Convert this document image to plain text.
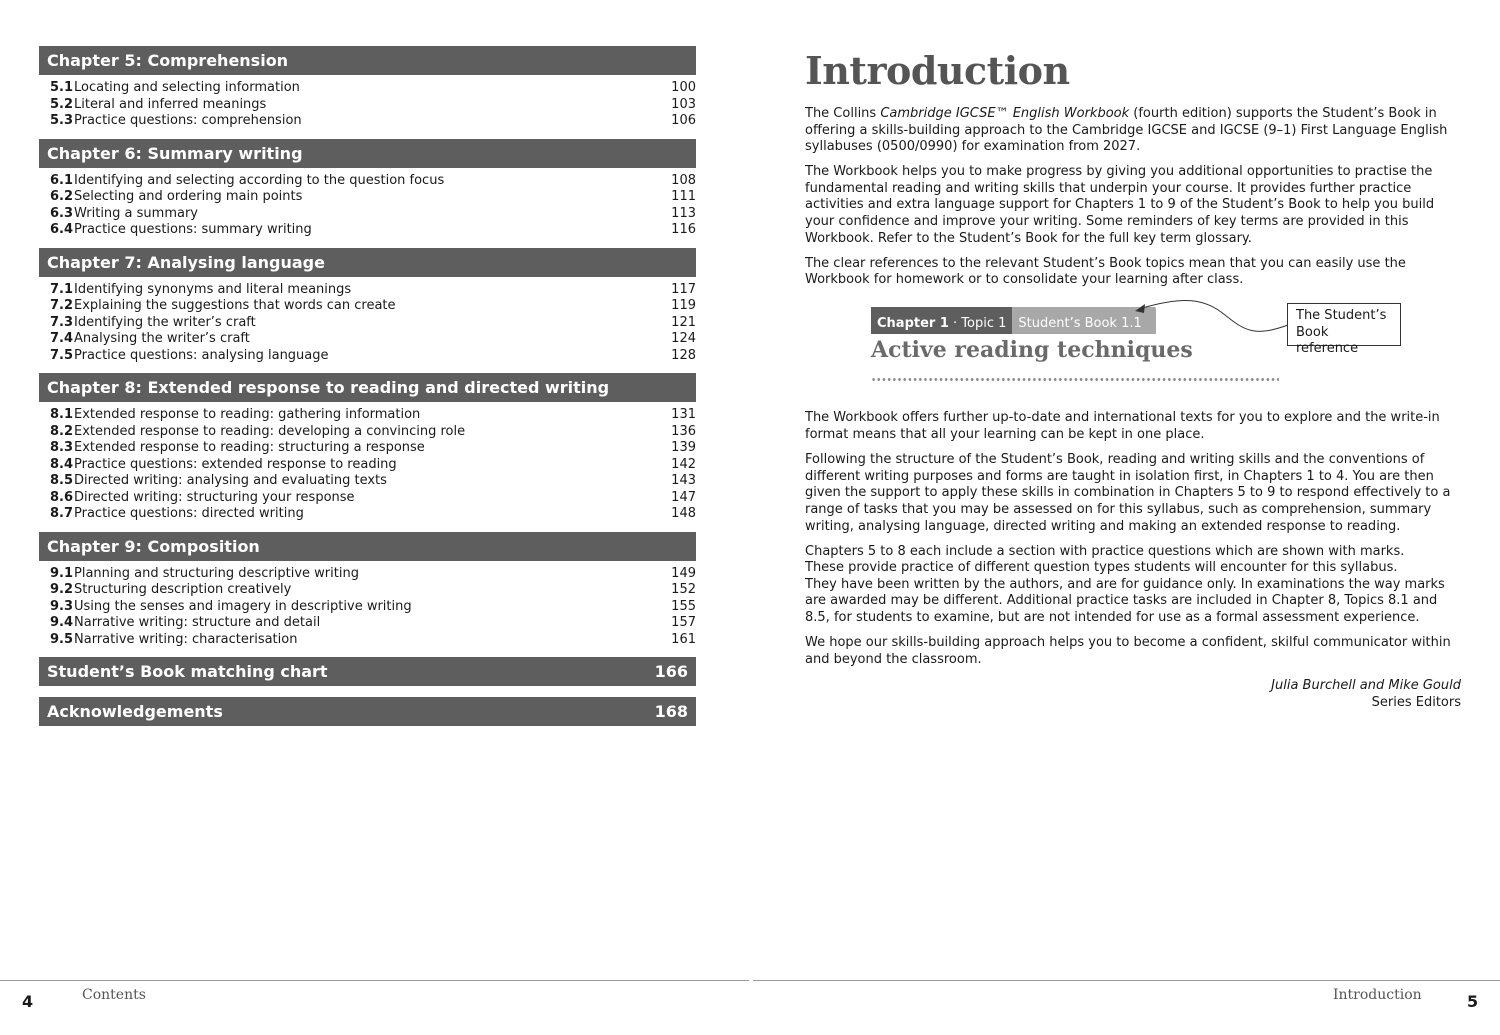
Chapter 5: Comprehension
5.1 Locating and selecting information	100
5.2 Literal and inferred meanings	103
5.3 Practice questions: comprehension	106
Chapter 6: Summary writing
6.1 Identifying and selecting according to the question focus	108
6.2 Selecting and ordering main points	111
6.3 Writing a summary	113
6.4 Practice questions: summary writing	116
Chapter 7: Analysing language
7.1 Identifying synonyms and literal meanings	117
7.2 Explaining the suggestions that words can create	119
7.3 Identifying the writer’s craft	121
7.4 Analysing the writer’s craft	124
7.5 Practice questions: analysing language	128
Chapter 8: Extended response to reading and directed writing
8.1 Extended response to reading: gathering information	131
8.2 Extended response to reading: developing a convincing role	136
8.3 Extended response to reading: structuring a response	139
8.4 Practice questions: extended response to reading	142
8.5 Directed writing: analysing and evaluating texts	143
8.6 Directed writing: structuring your response	147
8.7 Practice questions: directed writing	148
Chapter 9: Composition
9.1 Planning and structuring descriptive writing	149
9.2 Structuring description creatively	152
9.3 Using the senses and imagery in descriptive writing	155
9.4 Narrative writing: structure and detail	157
9.5 Narrative writing: characterisation	161
Student’s Book matching chart	166
Acknowledgements	168
Introduction

The Collins Cambridge IGCSE™ English Workbook (fourth edition) supports the Student’s Book in offering a skills-building approach to the Cambridge IGCSE and IGCSE (9–1) First Language English syllabuses (0500/0990) for examination from 2027.

The Workbook helps you to make progress by giving you additional opportunities to practise the fundamental reading and writing skills that underpin your course. It provides further practice activities and extra language support for Chapters 1 to 9 of the Student’s Book to help you build your confidence and improve your writing. Some reminders of key terms are provided in this Workbook. Refer to the Student’s Book for the full key term glossary.

The clear references to the relevant Student’s Book topics mean that you can easily use the Workbook for homework or to consolidate your learning after class.

Chapter 1 · Topic 1 Student’s Book 1.1
Active reading techniques
The Student’s
Book reference

The Workbook offers further up-to-date and international texts for you to explore and the write-in format means that all your learning can be kept in one place.

Following the structure of the Student’s Book, reading and writing skills and the conventions of different writing purposes and forms are taught in isolation first, in Chapters 1 to 4. You are then given the support to apply these skills in combination in Chapters 5 to 9 to respond effectively to a range of tasks that you may be assessed on for this syllabus, such as comprehension, summary writing, analysing language, directed writing and making an extended response to reading.

Chapters 5 to 8 each include a section with practice questions which are shown with marks.
These provide practice of different question types students will encounter for this syllabus.
They have been written by the authors, and are for guidance only. In examinations the way marks are awarded may be different. Additional practice tasks are included in Chapter 8, Topics 8.1 and 8.5, for students to examine, but are not intended for use as a formal assessment experience.

We hope our skills-building approach helps you to become a confident, skilful communicator within and beyond the classroom.

Julia Burchell and Mike Gould
Series Editors
4	Contents	Introduction	5
